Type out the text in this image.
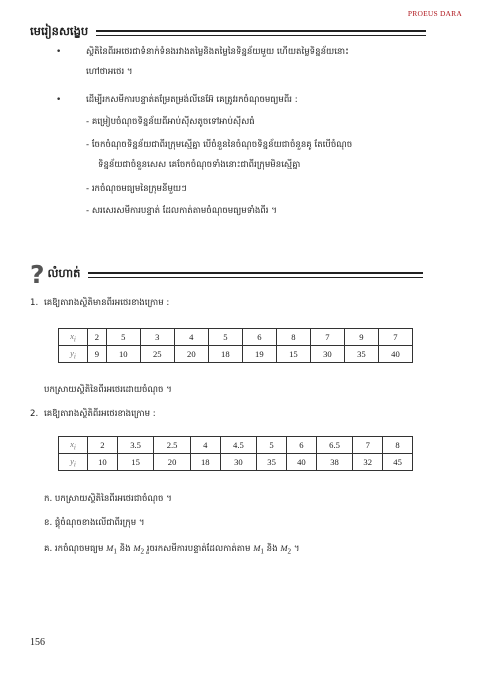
PROEUS DARA
មេរៀនសង្ខេប
•	ស្ថិតិនៃពីរអថេរជាទំនាក់ទំនងរវាងតម្លៃនិងតម្លៃនៃទិន្នន័យមួយ ហើយតម្លៃទិន្នន័យនោះ
ហៅថាអថេរ ។
•	ដើម្បីរកសមីការបន្ទាត់តម្រែតម្រង់លីនេអ៊ែ គេត្រូវរកចំណុចមធ្យមពីរ :
- គម្រៀបចំណុចទិន្នន័យពីអាប់ស៊ីសតូចទៅអាប់ស៊ីសធំ
- ចែកចំណុចទិន្នន័យជាពីរក្រុមស្មើគ្នា បើចំនួននៃចំណុចទិន្នន័យជាចំនួនគូ តែបើចំណុច
ទិន្នន័យជាចំនួនសេស គេចែកចំណុចទាំងនោះជាពីរក្រុមមិនស្មើគ្នា
- រកចំណុចមធ្យមនៃក្រុមនីមួយៗ
- សរសេរសមីការបន្ទាត់ ដែលកាត់តាមចំណុចមធ្យមទាំងពីរ ។
? លំហាត់
1. គេឱ្យតារាងស្ថិតិមានពីរអថេរខាងក្រោម :
$x_i$	2	5	3	4	5	6	8	7	9	7
$y_i$	9	10	25	20	18	19	15	30	35	40
បកស្រាយស្ថិតិនៃពីរអថេរដោយចំណុច ។
2. គេឱ្យតារាងស្ថិតិពីរអថេរខាងក្រោម :
$x_i$	2	3.5	2.5	4	4.5	5	6	6.5	7	8
$y_i$	10	15	20	18	30	35	40	38	32	45
ក. បកស្រាយស្ថិតិនៃពីរអថេរជាចំណុច ។
ខ. ផ្គុំចំណុចខាងលើជាពីរក្រុម ។
គ. រកចំណុចមធ្យម $M_1$ និង $M_2$ រួចរកសមីការបន្ទាត់ដែលកាត់តាម $M_1$ និង $M_2$ ។
156
